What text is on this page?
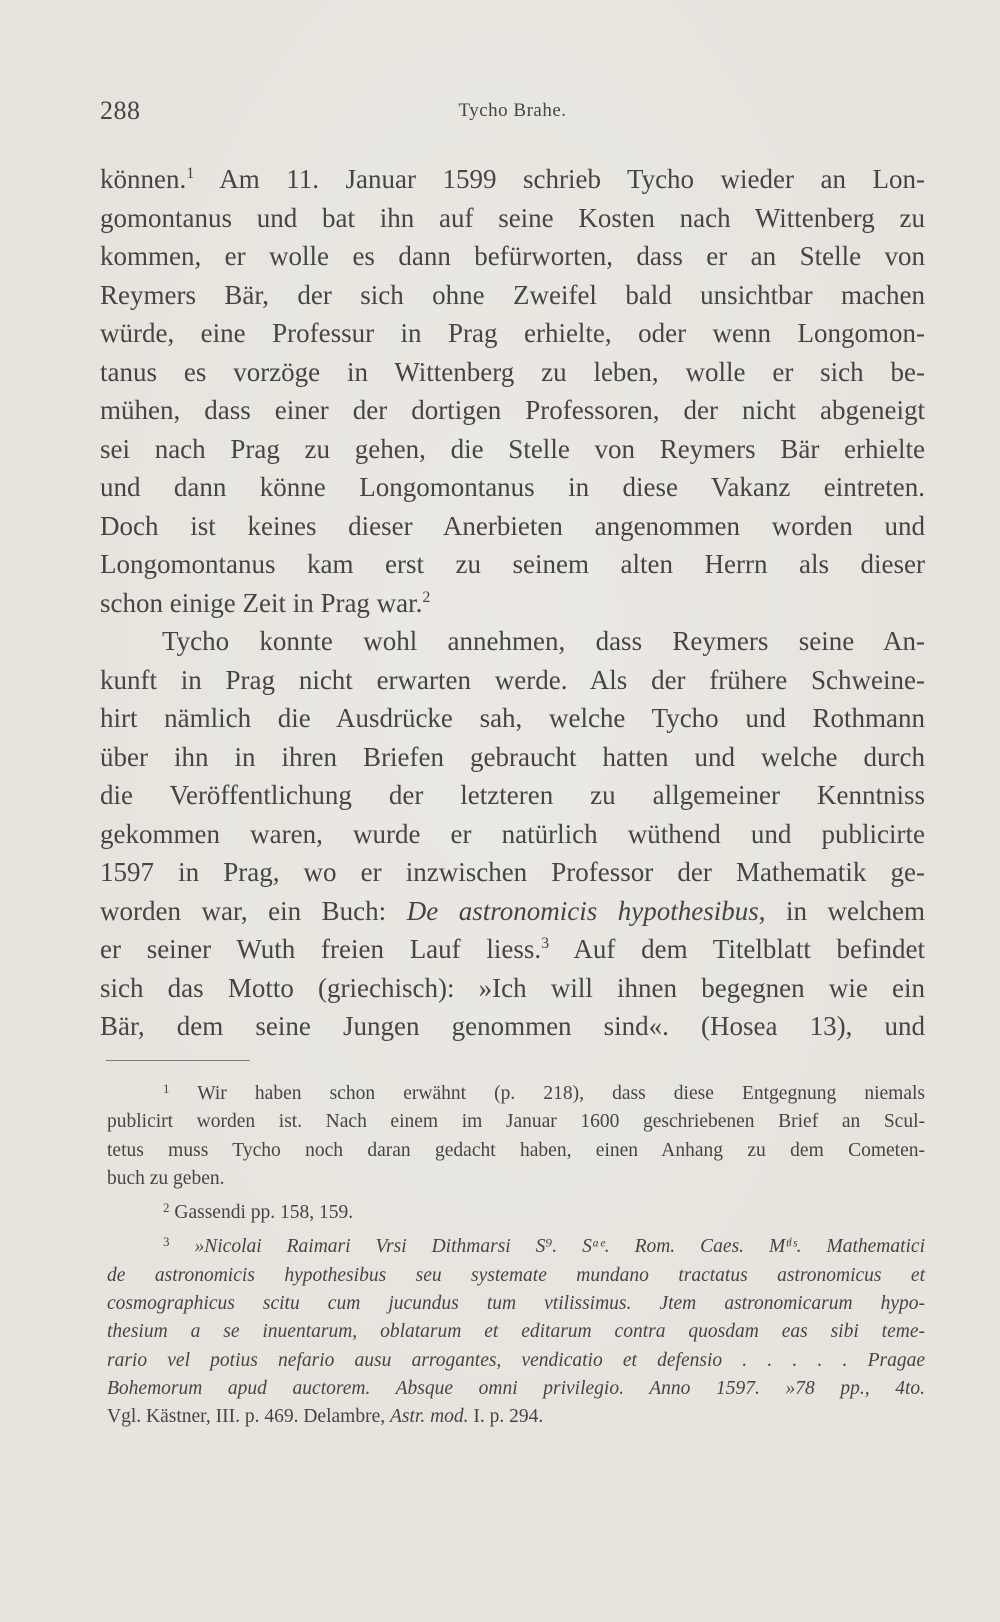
288	Tycho Brahe.
können.$^1$ Am 11. Januar 1599 schrieb Tycho wieder an Lon-
gomontanus und bat ihn auf seine Kosten nach Wittenberg zu
kommen, er wolle es dann befürworten, dass er an Stelle von
Reymers Bär, der sich ohne Zweifel bald unsichtbar machen
würde, eine Professur in Prag erhielte, oder wenn Longomon-
tanus es vorzöge in Wittenberg zu leben, wolle er sich be-
mühen, dass einer der dortigen Professoren, der nicht abgeneigt
sei nach Prag zu gehen, die Stelle von Reymers Bär erhielte
und dann könne Longomontanus in diese Vakanz eintreten.
Doch ist keines dieser Anerbieten angenommen worden und
Longomontanus kam erst zu seinem alten Herrn als dieser
schon einige Zeit in Prag war.$^2$
Tycho konnte wohl annehmen, dass Reymers seine An-
kunft in Prag nicht erwarten werde. Als der frühere Schweine-
hirt nämlich die Ausdrücke sah, welche Tycho und Rothmann
über ihn in ihren Briefen gebraucht hatten und welche durch
die Veröffentlichung der letzteren zu allgemeiner Kenntniss
gekommen waren, wurde er natürlich wüthend und publicirte
1597 in Prag, wo er inzwischen Professor der Mathematik ge-
worden war, ein Buch: De astronomicis hypothesibus, in welchem
er seiner Wuth freien Lauf liess.$^3$ Auf dem Titelblatt befindet
sich das Motto (griechisch): »Ich will ihnen begegnen wie ein
Bär, dem seine Jungen genommen sind«. (Hosea 13), und
$^1$ Wir haben schon erwähnt (p. 218), dass diese Entgegnung niemals
publicirt worden ist. Nach einem im Januar 1600 geschriebenen Brief an Scul-
tetus muss Tycho noch daran gedacht haben, einen Anhang zu dem Cometen-
buch zu geben.
$^2$ Gassendi pp. 158, 159.
$^3$ »Nicolai Raimari Vrsi Dithmarsi S⁹. Sᵃᵉ. Rom. Caes. Mᵗⁱˢ. Mathematici
de astronomicis hypothesibus seu systemate mundano tractatus astronomicus et
cosmographicus scitu cum jucundus tum vtilissimus. Jtem astronomicarum hypo-
thesium a se inuentarum, oblatarum et editarum contra quosdam eas sibi teme-
rario vel potius nefario ausu arrogantes, vendicatio et defensio . . . . . Pragae
Bohemorum apud auctorem. Absque omni privilegio. Anno 1597. »78 pp., 4to.
Vgl. Kästner, III. p. 469. Delambre, Astr. mod. I. p. 294.
